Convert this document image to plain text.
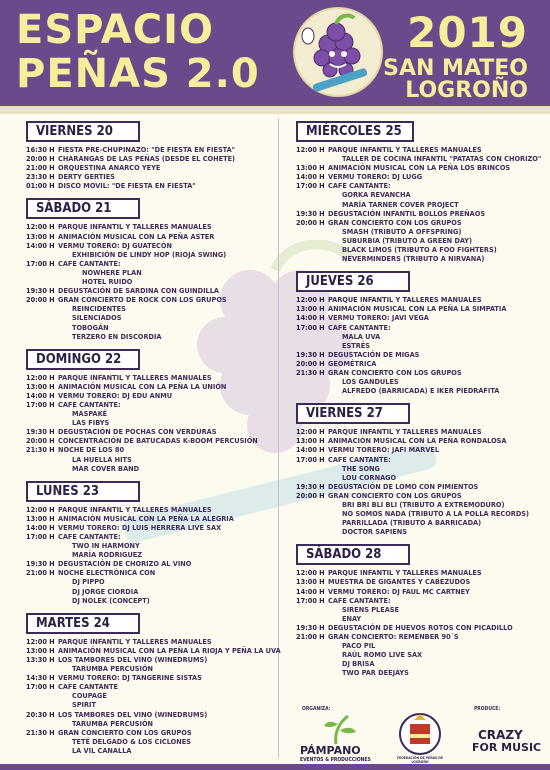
ESPACIO
PEÑAS 2.0
2019
SAN MATEO
LOGROÑO
VIERNES 20
16:30 H FIESTA PRE-CHUPINAZO: "DE FIESTA EN FIESTA"
20:00 H CHARANGAS DE LAS PEÑAS (DESDE EL COHETE)
21:00 H ORQUESTINA ANARCO YEYE
23:30 H DERTY GERTIES
01:00 H DISCO MOVIL: "DE FIESTA EN FIESTA"
SÁBADO 21
12:00 H PARQUE INFANTIL Y TALLERES MANUALES
13:00 H ANIMACIÓN MUSICAL CON LA PEÑA ASTER
14:00 H VERMU TORERO: DJ GUATECÓN
EXHIBICIÓN DE LINDY HOP (RIOJA SWING)
17:00 H CAFE CANTANTE:
NOWHERE PLAN
HOTEL RUIDO
19:30 H DEGUSTACIÓN DE SARDINA CON GUINDILLA
20:00 H GRAN CONCIERTO DE ROCK CON LOS GRUPOS
REINCIDENTES
SILENCIADOS
TOBOGÁN
TERZERO EN DISCORDIA
DOMINGO 22
12:00 H PARQUE INFANTIL Y TALLERES MANUALES
13:00 H ANIMACIÓN MUSICAL CON LA PEÑA LA UNIÓN
14:00 H VERMU TORERO: DJ EDU ANMU
17:00 H CAFE CANTANTE:
MASPAKÉ
LAS FIBYS
19:30 H DEGUSTACIÓN DE POCHAS CON VERDURAS
20:00 H CONCENTRACIÓN DE BATUCADAS K-BOOM PERCUSIÓN
21:30 H NOCHE DE LOS 80
LA HUELLA HITS
MAR COVER BAND
LUNES 23
12:00 H PARQUE INFANTIL Y TALLERES MANUALES
13:00 H ANIMACIÓN MUSICAL CON LA PEÑA LA ALEGRIA
14:00 H VERMU TORERO: DJ LUIS HERRERA LIVE SAX
17:00 H CAFE CANTANTE:
TWO IN HARMONY
MARÍA RODRIGUEZ
19:30 H DEGUSTACIÓN DE CHORIZO AL VINO
21:00 H NOCHE ELECTRÓNICA CON
DJ PIPPO
DJ JORGE CIORDIA
DJ NOLEK (CONCEPT)
MARTES 24
12:00 H PARQUE INFANTIL Y TALLERES MANUALES
13:00 H ANIMACIÓN MUSICAL CON LA PEÑA LA RIOJA Y PEÑA LA UVA
13:30 H LOS TAMBORES DEL VINO (WINEDRUMS)
TARUMBA PERCUSIÓN
14:30 H VERMU TORERO: DJ TANGERINE SISTAS
17:00 H CAFE CANTANTE
COUPAGE
SPIRIT
20:30 H LOS TAMBORES DEL VINO (WINEDRUMS)
TARUMBA PERCUSIÓN
21:30 H GRAN CONCIERTO CON LOS GRUPOS
TETÉ DELGADO & LOS CICLONES
LA VIL CANALLA
MIÉRCOLES 25
12:00 H PARQUE INFANTIL Y TALLERES MANUALES
TALLER DE COCINA INFANTIL "PATATAS CON CHORIZO"
13:00 H ANIMACIÓN MUSICAL CON LA PEÑA LOS BRINCOS
14:00 H VERMU TORERO: DJ LUGG
17:00 H CAFE CANTANTE:
GORKA REVANCHA
MARÍA TARNER COVER PROJECT
19:30 H DEGUSTACIÓN INFANTIL BOLLOS PREÑAOS
20:00 H GRAN CONCIERTO CON LOS GRUPOS
SMASH (TRIBUTO A OFFSPRING)
SUBURBIA (TRIBUTO A GREEN DAY)
BLACK LIMOS (TRIBUTO A FOO FIGHTERS)
NEVERMINDERS (TRIBUTO A NIRVANA)
JUEVES 26
12:00 H PARQUE INFANTIL Y TALLERES MANUALES
13:00 H ANIMACIÓN MUSICAL CON LA PEÑA LA SIMPATIA
14:00 H VERMU TORERO: JAVI VEGA
17:00 H CAFE CANTANTE:
MALA UVA
ESTRÉS
19:30 H DEGUSTACIÓN DE MIGAS
20:00 H GEOMÉTRICA
21:30 H GRAN CONCIERTO CON LOS GRUPOS
LOS GANDULES
ALFREDO (BARRICADA) E IKER PIEDRAFITA
VIERNES 27
12:00 H PARQUE INFANTIL Y TALLERES MANUALES
13:00 H ANIMACIÓN MUSICAL CON LA PEÑA RONDALOSA
14:00 H VERMU TORERO: JAFI MARVEL
17:00 H CAFE CANTANTE:
THE SONG
LOU CORNAGO
19:30 H DEGUSTACIÓN DE LOMO CON PIMIENTOS
20:00 H GRAN CONCIERTO CON LOS GRUPOS
BRI BRI BLI BLI (TRIBUTO A EXTREMODURO)
NO SOMOS NADA (TRIBUTO A LA POLLA RECORDS)
PARRILLADA (TRIBUTO A BARRICADA)
DOCTOR SAPIENS
SÁBADO 28
12:00 H PARQUE INFANTIL Y TALLERES MANUALES
13:00 H MUESTRA DE GIGANTES Y CABEZUDOS
14:00 H VERMU TORERO: DJ FAUL MC CARTNEY
17:00 H CAFE CANTANTE:
SIRENS PLEASE
ENAY
19:30 H DEGUSTACIÓN DE HUEVOS ROTOS CON PICADILLO
21:00 H GRAN CONCIERTO: REMENBER 90´S
PACO PIL
RAÚL ROMO LIVE SAX
DJ BRISA
TWO PAR DEEJAYS
ORGANIZA:	PRODUCE:
PÁMPANO
EVENTOS & PRODUCCIONES	FEDERACIÓN DE PEÑAS DE LOGROÑO
CRAZY
FOR MUSIC
